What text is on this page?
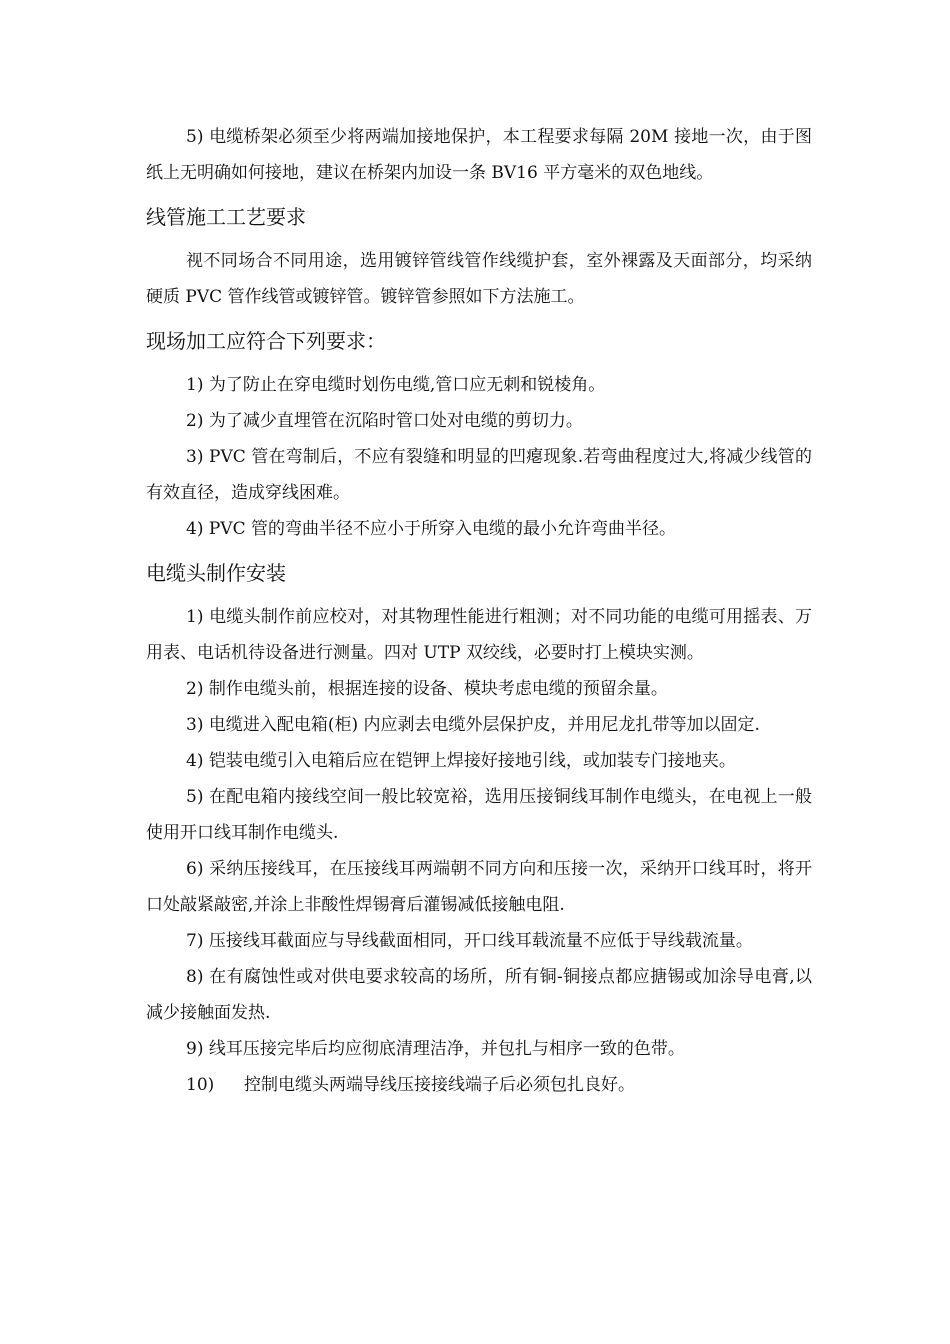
5) 电缆桥架必须至少将两端加接地保护，本工程要求每隔 20M 接地一次，由于图纸上无明确如何接地，建议在桥架内加设一条 BV16 平方毫米的双色地线。

线管施工工艺要求

视不同场合不同用途，选用镀锌管线管作线缆护套，室外裸露及天面部分，均采纳硬质 PVC 管作线管或镀锌管。镀锌管参照如下方法施工。

现场加工应符合下列要求：

1) 为了防止在穿电缆时划伤电缆,管口应无刺和锐棱角。

2) 为了减少直埋管在沉陷时管口处对电缆的剪切力。

3) PVC 管在弯制后，不应有裂缝和明显的凹瘪现象.若弯曲程度过大,将减少线管的有效直径，造成穿线困难。

4) PVC 管的弯曲半径不应小于所穿入电缆的最小允许弯曲半径。

电缆头制作安装

1) 电缆头制作前应校对，对其物理性能进行粗测；对不同功能的电缆可用摇表、万用表、电话机待设备进行测量。四对 UTP 双绞线，必要时打上模块实测。

2) 制作电缆头前，根据连接的设备、模块考虑电缆的预留余量。

3) 电缆进入配电箱(柜) 内应剥去电缆外层保护皮，并用尼龙扎带等加以固定.

4) 铠装电缆引入电箱后应在铠钾上焊接好接地引线，或加装专门接地夹。

5) 在配电箱内接线空间一般比较宽裕，选用压接铜线耳制作电缆头，在电视上一般使用开口线耳制作电缆头.

6) 采纳压接线耳，在压接线耳两端朝不同方向和压接一次，采纳开口线耳时，将开口处敲紧敲密,并涂上非酸性焊锡膏后灌锡减低接触电阻.

7) 压接线耳截面应与导线截面相同，开口线耳载流量不应低于导线载流量。

8) 在有腐蚀性或对供电要求较高的场所，所有铜-铜接点都应搪锡或加涂导电膏,以减少接触面发热.

9) 线耳压接完毕后均应彻底清理洁净，并包扎与相序一致的色带。

10) 控制电缆头两端导线压接接线端子后必须包扎良好。
